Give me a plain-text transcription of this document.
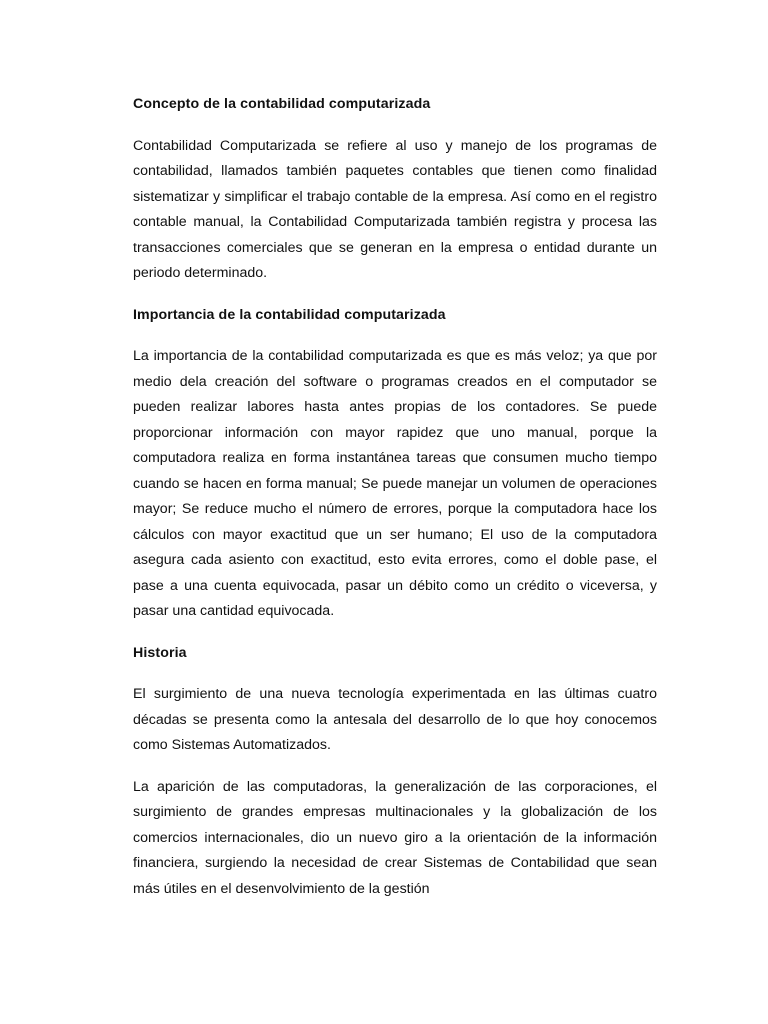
Concepto de la contabilidad computarizada

Contabilidad Computarizada se refiere al uso y manejo de los programas de contabilidad, llamados también paquetes contables que tienen como finalidad sistematizar y simplificar el trabajo contable de la empresa. Así como en el registro contable manual, la Contabilidad Computarizada también registra y procesa las transacciones comerciales que se generan en la empresa o entidad durante un periodo determinado.

Importancia de la contabilidad computarizada

La importancia de la contabilidad computarizada es que es más veloz; ya que por medio dela creación del software o programas creados en el computador se pueden realizar labores hasta antes propias de los contadores. Se puede proporcionar información con mayor rapidez que uno manual, porque la computadora realiza en forma instantánea tareas que consumen mucho tiempo cuando se hacen en forma manual; Se puede manejar un volumen de operaciones mayor; Se reduce mucho el número de errores, porque la computadora hace los cálculos con mayor exactitud que un ser humano; El uso de la computadora asegura cada asiento con exactitud, esto evita errores, como el doble pase, el pase a una cuenta equivocada, pasar un débito como un crédito o viceversa, y pasar una cantidad equivocada.

Historia

El surgimiento de una nueva tecnología experimentada en las últimas cuatro décadas se presenta como la antesala del desarrollo de lo que hoy conocemos como Sistemas Automatizados.

La aparición de las computadoras, la generalización de las corporaciones, el surgimiento de grandes empresas multinacionales y la globalización de los comercios internacionales, dio un nuevo giro a la orientación de la información financiera, surgiendo la necesidad de crear Sistemas de Contabilidad que sean más útiles en el desenvolvimiento de la gestión
